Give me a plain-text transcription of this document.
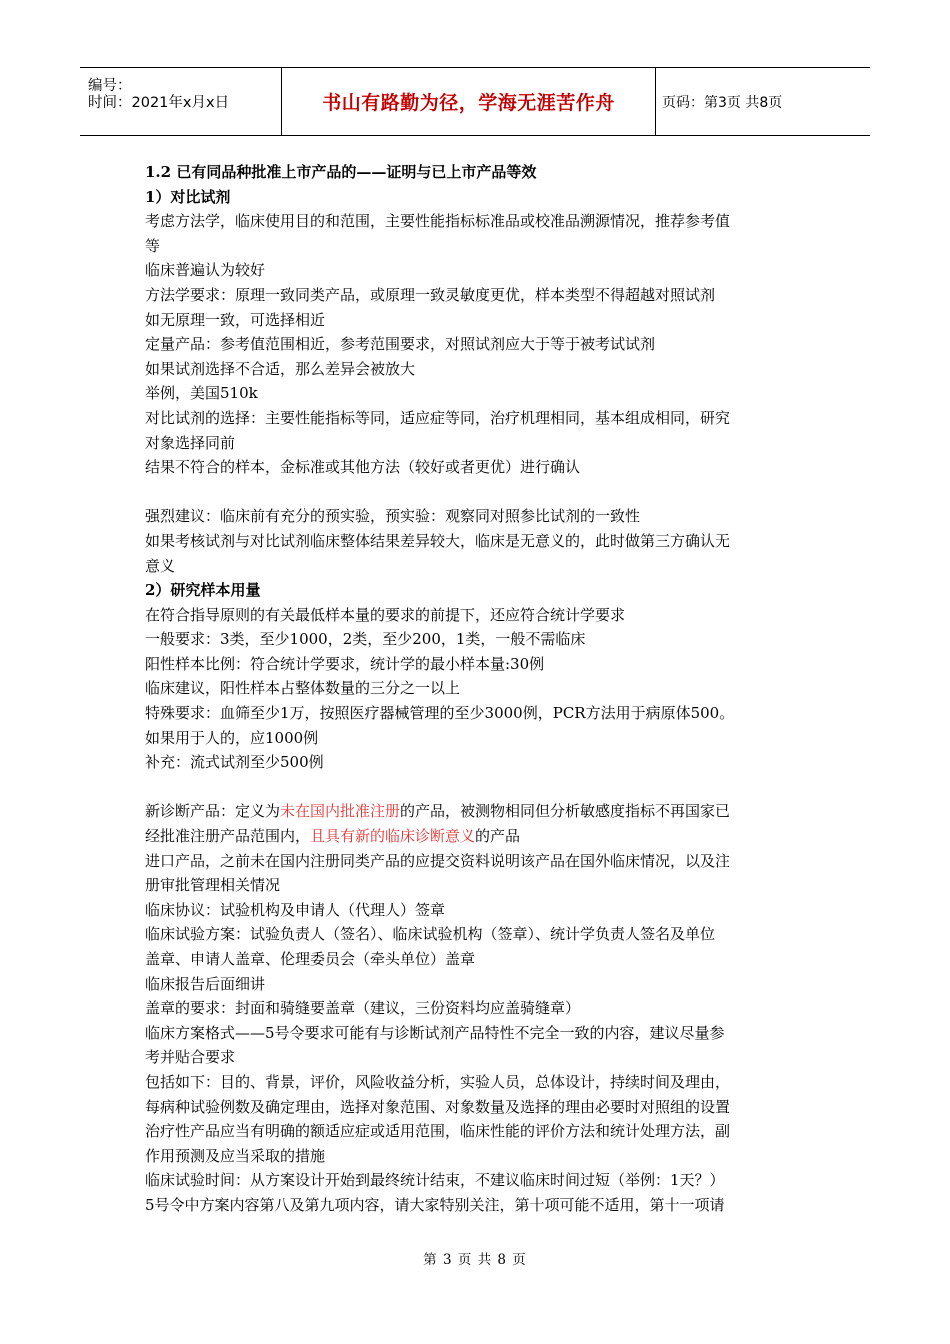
编号：
时间：2021年x月x日	书山有路勤为径，学海无涯苦作舟	页码：第3页 共8页
1.2 已有同品种批准上市产品的——证明与已上市产品等效
1）对比试剂
考虑方法学，临床使用目的和范围，主要性能指标标准品或校准品溯源情况，推荐参考值
等
临床普遍认为较好
方法学要求：原理一致同类产品，或原理一致灵敏度更优，样本类型不得超越对照试剂
如无原理一致，可选择相近
定量产品：参考值范围相近，参考范围要求，对照试剂应大于等于被考试试剂
如果试剂选择不合适，那么差异会被放大
举例，美国510k
对比试剂的选择：主要性能指标等同，适应症等同，治疗机理相同，基本组成相同，研究
对象选择同前
结果不符合的样本，金标准或其他方法（较好或者更优）进行确认
强烈建议：临床前有充分的预实验，预实验：观察同对照参比试剂的一致性
如果考核试剂与对比试剂临床整体结果差异较大，临床是无意义的，此时做第三方确认无
意义
2）研究样本用量
在符合指导原则的有关最低样本量的要求的前提下，还应符合统计学要求
一般要求：3类，至少1000，2类，至少200，1类，一般不需临床
阳性样本比例：符合统计学要求，统计学的最小样本量:30例
临床建议，阳性样本占整体数量的三分之一以上
特殊要求：血筛至少1万，按照医疗器械管理的至少3000例，PCR方法用于病原体500。
如果用于人的，应1000例
补充：流式试剂至少500例
新诊断产品：定义为未在国内批准注册的产品，被测物相同但分析敏感度指标不再国家已
经批准注册产品范围内，且具有新的临床诊断意义的产品
进口产品，之前未在国内注册同类产品的应提交资料说明该产品在国外临床情况，以及注
册审批管理相关情况
临床协议：试验机构及申请人（代理人）签章
临床试验方案：试验负责人（签名）、临床试验机构（签章）、统计学负责人签名及单位
盖章、申请人盖章、伦理委员会（牵头单位）盖章
临床报告后面细讲
盖章的要求：封面和骑缝要盖章（建议，三份资料均应盖骑缝章）
临床方案格式——5号令要求可能有与诊断试剂产品特性不完全一致的内容，建议尽量参
考并贴合要求
包括如下：目的、背景，评价，风险收益分析，实验人员，总体设计，持续时间及理由，
每病种试验例数及确定理由，选择对象范围、对象数量及选择的理由必要时对照组的设置
治疗性产品应当有明确的额适应症或适用范围，临床性能的评价方法和统计处理方法，副
作用预测及应当采取的措施
临床试验时间：从方案设计开始到最终统计结束，不建议临床时间过短（举例：1天？）
5号令中方案内容第八及第九项内容，请大家特别关注，第十项可能不适用，第十一项请
第 3 页 共 8 页
